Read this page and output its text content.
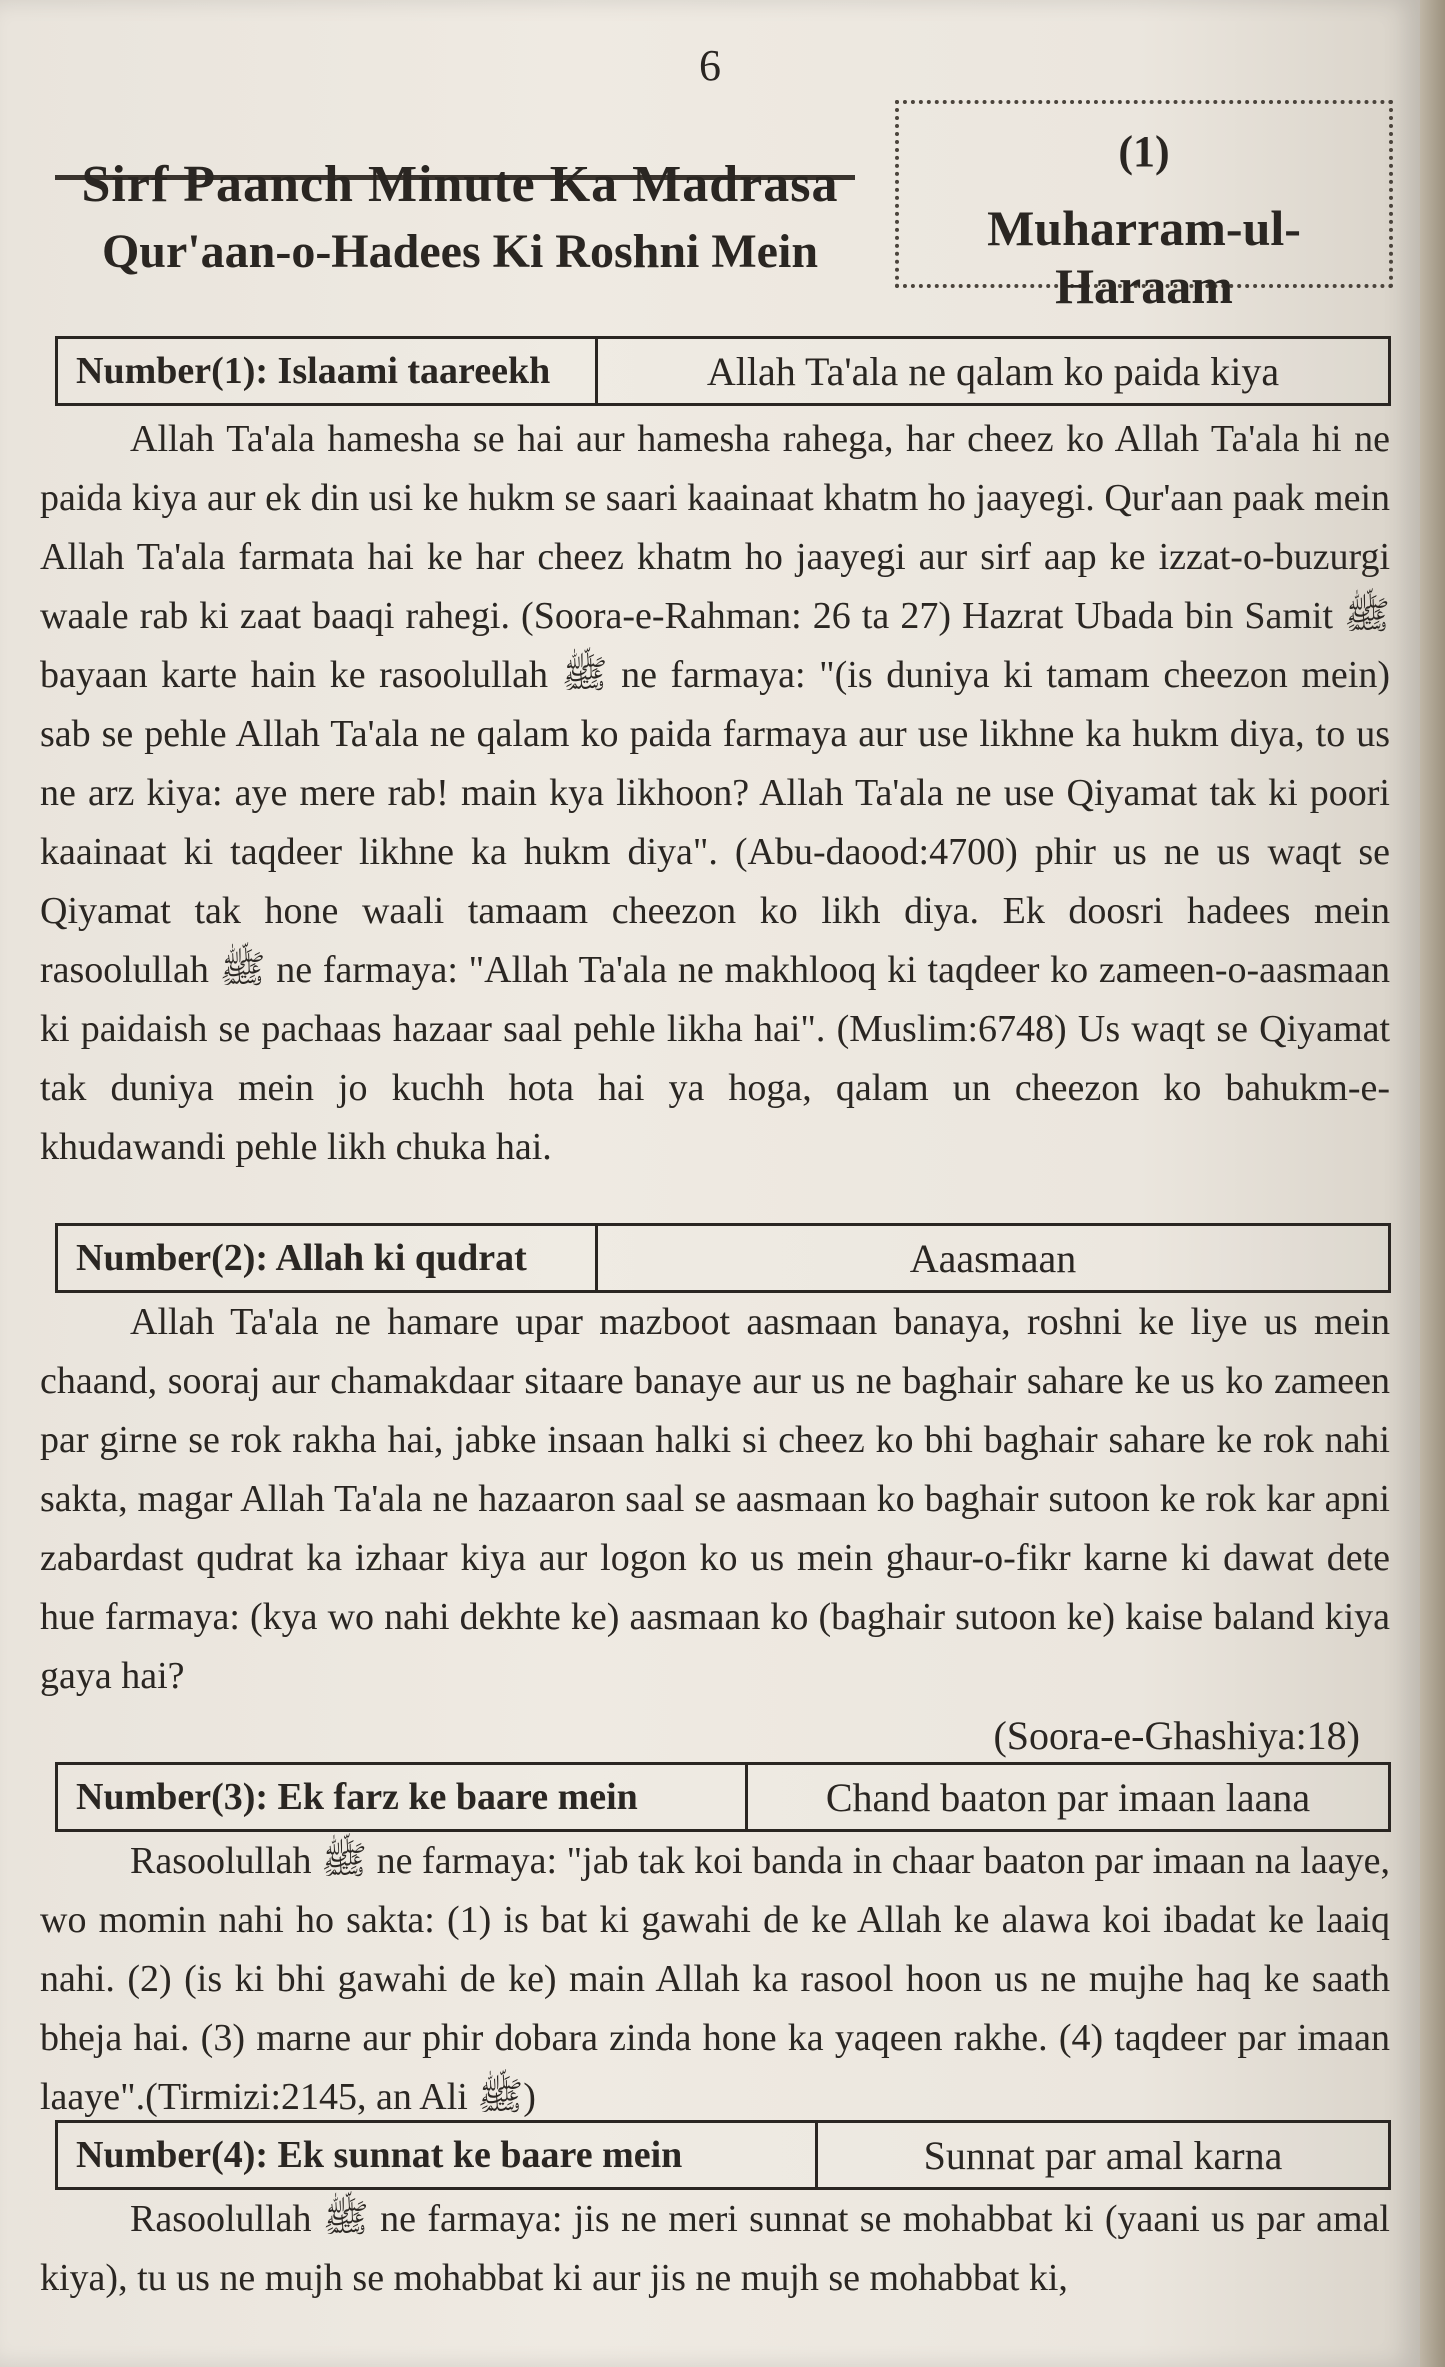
6
Sirf Paanch Minute Ka Madrasa
Qur'aan-o-Hadees Ki Roshni Mein
(1)
Muharram-ul-Haraam
Number(1): Islaami taareekh	Allah Ta'ala ne qalam ko paida kiya

Allah Ta'ala hamesha se hai aur hamesha rahega, har cheez ko Allah Ta'ala hi ne paida kiya aur ek din usi ke hukm se saari kaainaat khatm ho jaayegi. Qur'aan paak mein Allah Ta'ala farmata hai ke har cheez khatm ho jaayegi aur sirf aap ke izzat-o-buzurgi waale rab ki zaat baaqi rahegi. (Soora-e-Rahman: 26 ta 27) Hazrat Ubada bin Samit ﷺ bayaan karte hain ke rasoolullah ﷺ ne farmaya: "(is duniya ki tamam cheezon mein) sab se pehle Allah Ta'ala ne qalam ko paida farmaya aur use likhne ka hukm diya, to us ne arz kiya: aye mere rab! main kya likhoon? Allah Ta'ala ne use Qiyamat tak ki poori kaainaat ki taqdeer likhne ka hukm diya". (Abu-daood:4700) phir us ne us waqt se Qiyamat tak hone waali tamaam cheezon ko likh diya. Ek doosri hadees mein rasoolullah ﷺ ne farmaya: "Allah Ta'ala ne makhlooq ki taqdeer ko zameen-o-aasmaan ki paidaish se pachaas hazaar saal pehle likha hai". (Muslim:6748) Us waqt se Qiyamat tak duniya mein jo kuchh hota hai ya hoga, qalam un cheezon ko bahukm-e- khudawandi pehle likh chuka hai.

Number(2): Allah ki qudrat	Aaasmaan

Allah Ta'ala ne hamare upar mazboot aasmaan banaya, roshni ke liye us mein chaand, sooraj aur chamakdaar sitaare banaye aur us ne baghair sahare ke us ko zameen par girne se rok rakha hai, jabke insaan halki si cheez ko bhi baghair sahare ke rok nahi sakta, magar Allah Ta'ala ne hazaaron saal se aasmaan ko baghair sutoon ke rok kar apni zabardast qudrat ka izhaar kiya aur logon ko us mein ghaur-o-fikr karne ki dawat dete hue farmaya: (kya wo nahi dekhte ke) aasmaan ko (baghair sutoon ke) kaise baland kiya gaya hai?

(Soora-e-Ghashiya:18)
Number(3): Ek farz ke baare mein	Chand baaton par imaan laana

Rasoolullah ﷺ ne farmaya: "jab tak koi banda in chaar baaton par imaan na laaye, wo momin nahi ho sakta: (1) is bat ki gawahi de ke Allah ke alawa koi ibadat ke laaiq nahi. (2) (is ki bhi gawahi de ke) main Allah ka rasool hoon us ne mujhe haq ke saath bheja hai. (3) marne aur phir dobara zinda hone ka yaqeen rakhe. (4) taqdeer par imaan laaye".(Tirmizi:2145, an Ali ﷺ)

Number(4): Ek sunnat ke baare mein	Sunnat par amal karna

Rasoolullah ﷺ ne farmaya: jis ne meri sunnat se mohabbat ki (yaani us par amal kiya), tu us ne mujh se mohabbat ki aur jis ne mujh se mohabbat ki,
